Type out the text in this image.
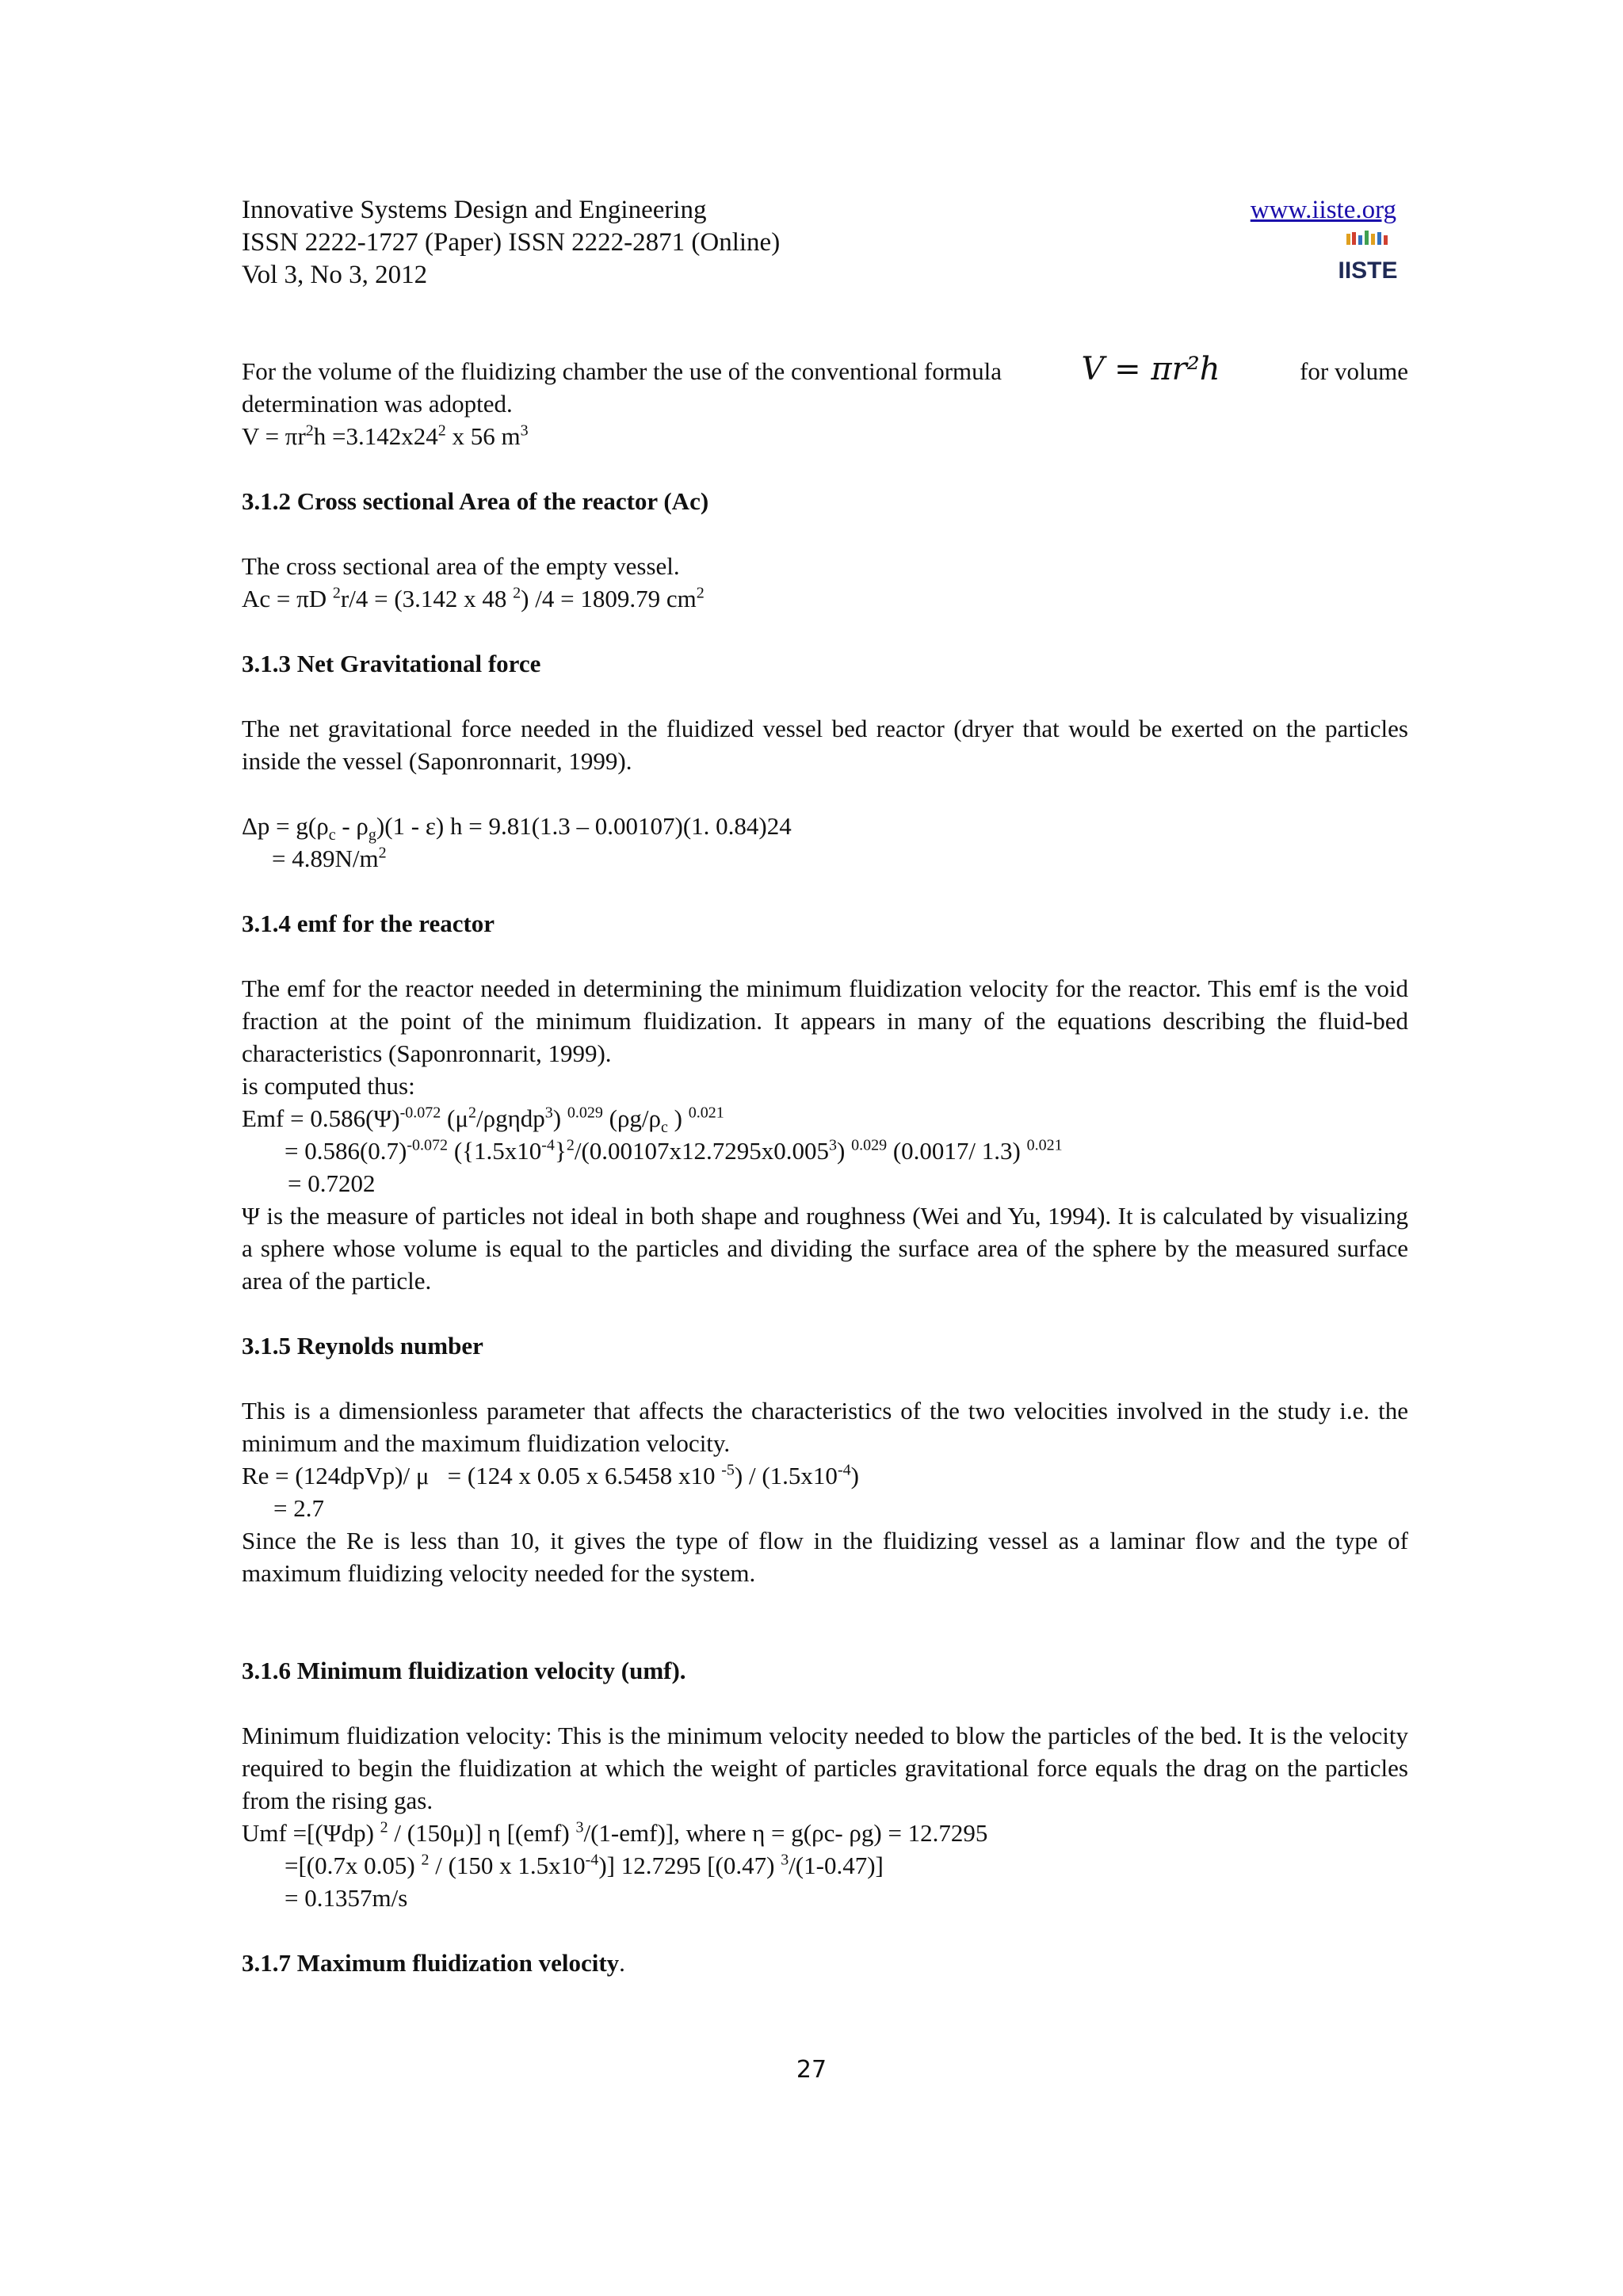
Innovative Systems Design and Engineering
ISSN 2222-1727 (Paper) ISSN 2222-2871 (Online)
Vol 3, No 3, 2012
www.iiste.org
IISTE
For the volume of the fluidizing chamber the use of the conventional formula	V = πr²h	for volume

determination was adopted.

$V = \pi r^2h =3.142x24^2$ x 56 $m^3$

3.1.2 Cross sectional Area of the reactor (Ac)

The cross sectional area of the empty vessel.

Ac = πD $^2$r/4 = (3.142 x 48 $^2$) /4 = 1809.79 $cm^2$

3.1.3 Net Gravitational force

The net gravitational force needed in the fluidized vessel bed reactor (dryer that would be exerted on the particles inside the vessel (Saponronnarit, 1999).

$\Delta p = g(\rho_c - \rho_g)(1 - \varepsilon) h = 9.81(1.3 - 0.00107)(1$. 0.84)24

= $4.89N/m^2$

3.1.4 emf for the reactor

The emf for the reactor needed in determining the minimum fluidization velocity for the reactor. This emf is the void fraction at the point of the minimum fluidization. It appears in many of the equations describing the fluid-bed characteristics (Saponronnarit, 1999).

is computed thus:

Emf = $0.586(\Psi)^{-0.072}$ $(\mu^2/\rho g\eta dp^3)$ $^{0.029}$ ($\rho g/\rho_c$ ) $^{0.021}$

= $0.586(0.7)^{-0.072}$ ($\{1.5x10^{-4}\}^2/(0.00107x12.7295x0.005^3)$ $^{0.029}$ (0.0017/ 1.3) $^{0.021}$

= 0.7202

Ψ is the measure of particles not ideal in both shape and roughness (Wei and Yu, 1994). It is calculated by visualizing a sphere whose volume is equal to the particles and dividing the surface area of the sphere by the measured surface area of the particle.

3.1.5 Reynolds number

This is a dimensionless parameter that affects the characteristics of the two velocities involved in the study i.e. the minimum and the maximum fluidization velocity.

Re = (124dpVp)/ μ   = (124 x 0.05 x 6.5458 x10 $^{-5}) / (1.5x10^{-4})$

= 2.7

Since the Re is less than 10, it gives the type of flow in the fluidizing vessel as a laminar flow and the type of maximum fluidizing velocity needed for the system.

3.1.6 Minimum fluidization velocity (umf).

Minimum fluidization velocity: This is the minimum velocity needed to blow the particles of the bed. It is the velocity required to begin the fluidization at which the weight of particles gravitational force equals the drag on the particles from the rising gas.

Umf =[(Ψdp) $^2$ / (150μ)] η [(emf) $^3$/(1-emf)], where η = g(ρc- ρg) = 12.7295

=[(0.7x 0.05) $^2$ / (150 x $1.5x10^{-4}$)] 12.7295 [(0.47) $^3$/(1-0.47)]

= 0.1357m/s

3.1.7 Maximum fluidization velocity.

27
